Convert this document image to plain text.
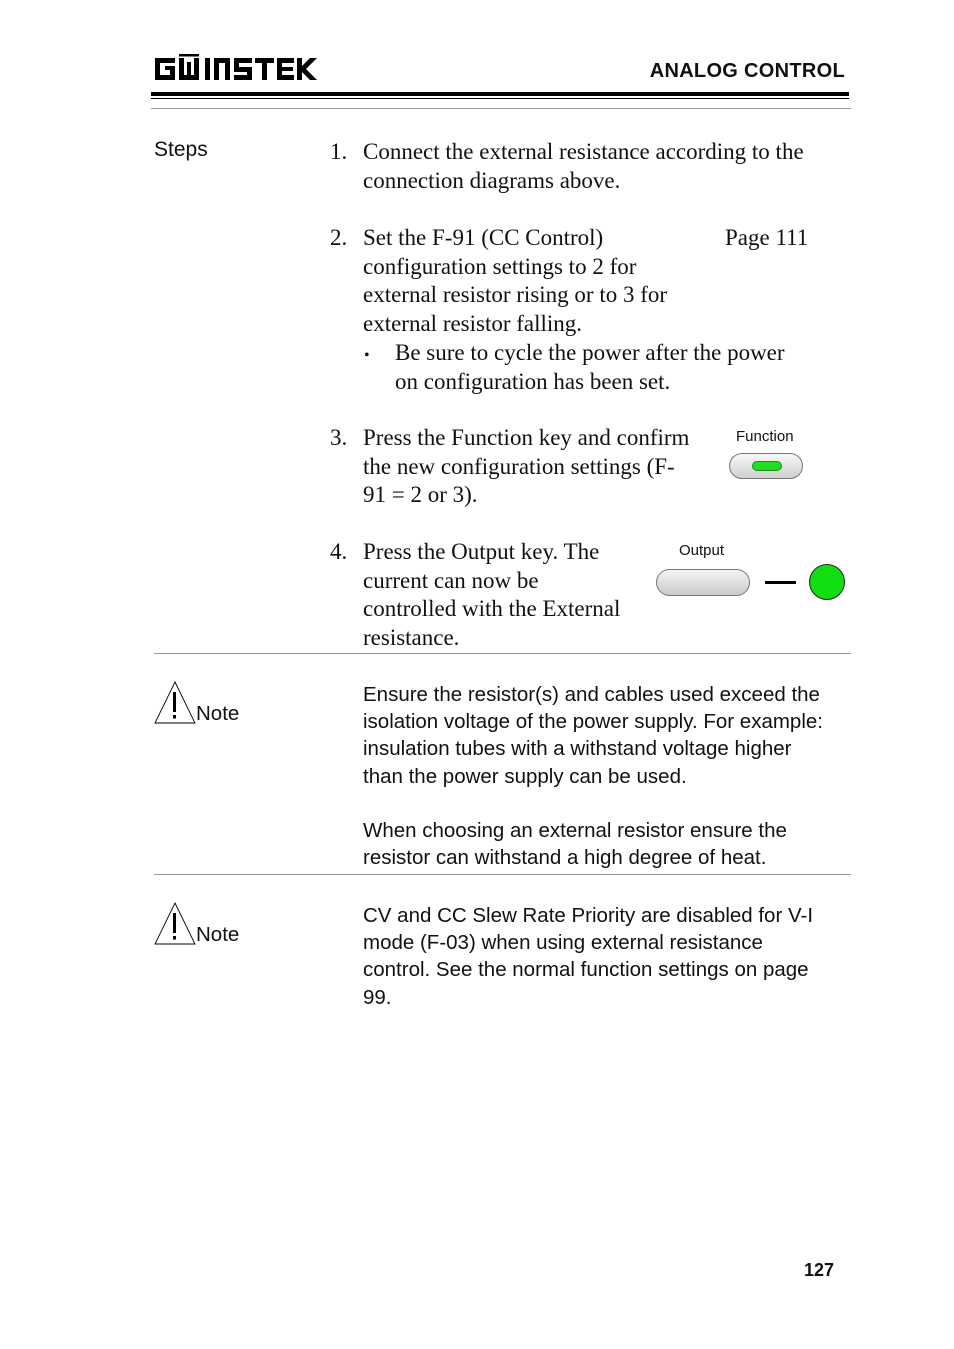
ANALOG CONTROL
Steps	1. Connect the external resistance according to the
connection diagrams above.
2. Set the F-91 (CC Control)
configuration settings to 2 for
external resistor rising or to 3 for
external resistor falling.
Page 111
• Be sure to cycle the power after the power
on configuration has been set.
3. Press the Function key and confirm
the new configuration settings (F-
91 = 2 or 3).
Function
4. Press the Output key. The
current can now be
controlled with the External
resistance.
Output
Note
Ensure the resistor(s) and cables used exceed the
isolation voltage of the power supply. For example:
insulation tubes with a withstand voltage higher
than the power supply can be used.
When choosing an external resistor ensure the
resistor can withstand a high degree of heat.
Note
CV and CC Slew Rate Priority are disabled for V-I
mode (F-03) when using external resistance
control. See the normal function settings on page
99.
127
